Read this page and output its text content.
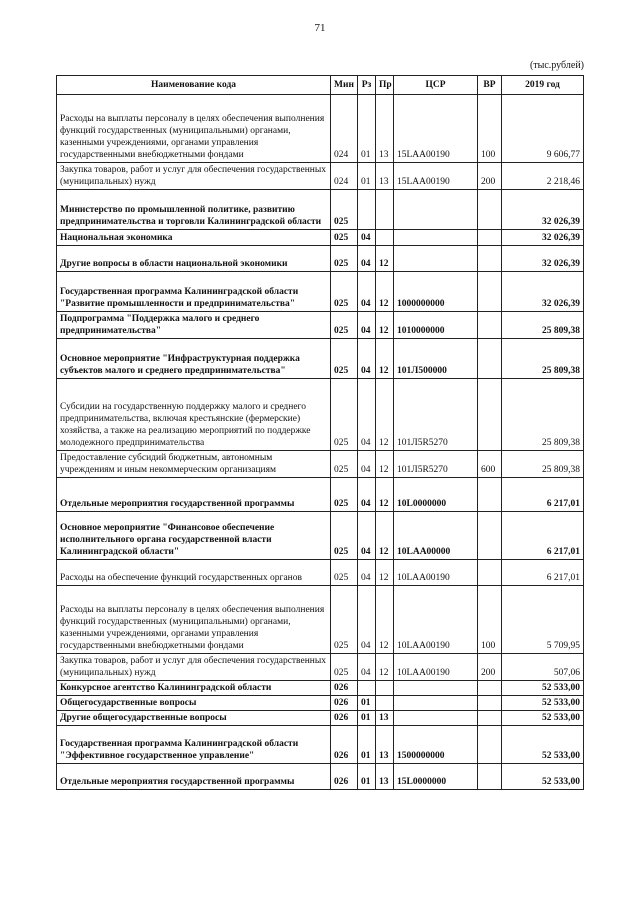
71
(тыс.рублей)
Наименование кода	Мин	Рз	Пр	ЦСР	ВР	2019 год
Расходы на выплаты персоналу в целях обеспечения выполнения функций государственных (муниципальными) органами, казенными учреждениями, органами управления государственными внебюджетными фондами	024	01	13	15LAA00190	100	9 606,77
Закупка товаров, работ и услуг для обеспечения государственных (муниципальных) нужд	024	01	13	15LAA00190	200	2 218,46
Министерство по промышленной политике, развитию предпринимательства и торговли Калининградской области	025					32 026,39
Национальная экономика	025	04				32 026,39
Другие вопросы в области национальной экономики	025	04	12			32 026,39
Государственная программа Калининградской области "Развитие промышленности и предпринимательства"	025	04	12	1000000000		32 026,39
Подпрограмма "Поддержка малого и среднего предпринимательства"	025	04	12	1010000000		25 809,38
Основное мероприятие "Инфраструктурная поддержка субъектов малого и среднего предпринимательства"	025	04	12	101Л500000		25 809,38
Субсидии на государственную поддержку малого и среднего предпринимательства, включая крестьянские (фермерские) хозяйства, а также на реализацию мероприятий по поддержке молодежного предпринимательства	025	04	12	101Л5R5270		25 809,38
Предоставление субсидий бюджетным, автономным учреждениям и иным некоммерческим организациям	025	04	12	101Л5R5270	600	25 809,38
Отдельные мероприятия государственной программы	025	04	12	10L0000000		6 217,01
Основное мероприятие "Финансовое обеспечение исполнительного органа государственной власти Калининградской области"	025	04	12	10LAA00000		6 217,01
Расходы на обеспечение функций государственных органов	025	04	12	10LAA00190		6 217,01
Расходы на выплаты персоналу в целях обеспечения выполнения функций государственных (муниципальными) органами, казенными учреждениями, органами управления государственными внебюджетными фондами	025	04	12	10LAA00190	100	5 709,95
Закупка товаров, работ и услуг для обеспечения государственных (муниципальных) нужд	025	04	12	10LAA00190	200	507,06
Конкурсное агентство Калининградской области	026					52 533,00
Общегосударственные вопросы	026	01				52 533,00
Другие общегосударственные вопросы	026	01	13			52 533,00
Государственная программа Калининградской области "Эффективное государственное управление"	026	01	13	1500000000		52 533,00
Отдельные мероприятия государственной программы	026	01	13	15L0000000		52 533,00
